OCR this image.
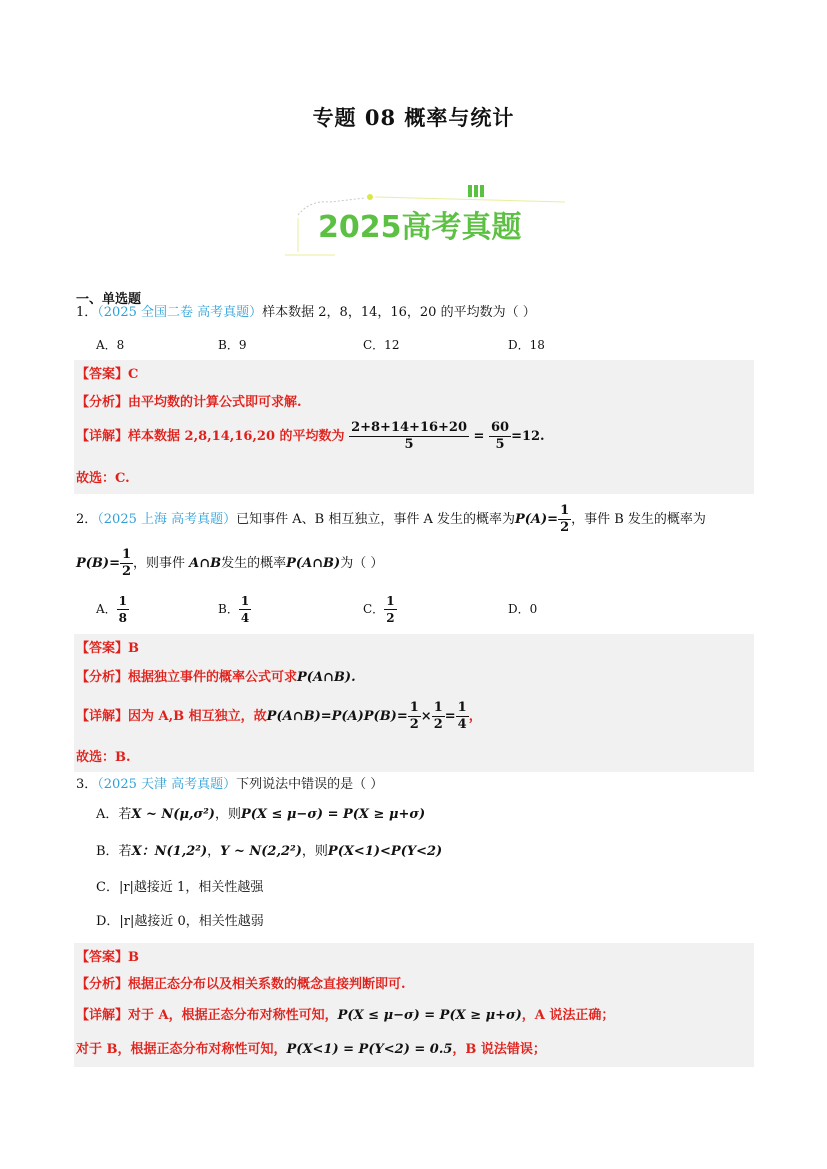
专题 08 概率与统计
2025高考真题
一、单选题
1．（2025 全国二卷 高考真题）样本数据 2，8，14，16，20 的平均数为（ ）
A．8	B．9	C．12	D．18
【答案】C
【分析】由平均数的计算公式即可求解.
【详解】样本数据 2,8,14,16,20 的平均数为 $\frac{2+8+14+16+20}{5} = \frac{60}{5} =12$.
故选：C.
2．（2025 上海 高考真题）已知事件 A、B 相互独立，事件 A 发生的概率为$P(A)= \frac{1}{2}$ ，事件 B 发生的概率为
$P(B)= \frac{1}{2}$ ，则事件 A∩B发生的概率P(A∩B)为（ ）
A． $\frac{1}{8}$	B． $\frac{1}{4}$	C． $\frac{1}{2}$	D．0
【答案】B
【分析】根据独立事件的概率公式可求P(A∩B).
【详解】因为 A,B 相互独立，故P(A∩B)=P(A)P(B)= $\frac{1}{2} \times \frac{1}{2} = \frac{1}{4}$ ，
故选：B.
3．（2025 天津 高考真题）下列说法中错误的是（ ）
A．若X ~ N(μ,σ²)，则P(X ≤ μ−σ) = P(X ≥ μ+σ)
B．若X：N(1,2²)，Y ~ N(2,2²)，则P(X<1)<P(Y<2)
C．|r|越接近 1，相关性越强
D．|r|越接近 0，相关性越弱
【答案】B
【分析】根据正态分布以及相关系数的概念直接判断即可.
【详解】对于 A，根据正态分布对称性可知，P(X ≤ μ−σ) = P(X ≥ μ+σ)，A 说法正确；
对于 B，根据正态分布对称性可知，P(X<1) = P(Y<2) = 0.5，B 说法错误；
